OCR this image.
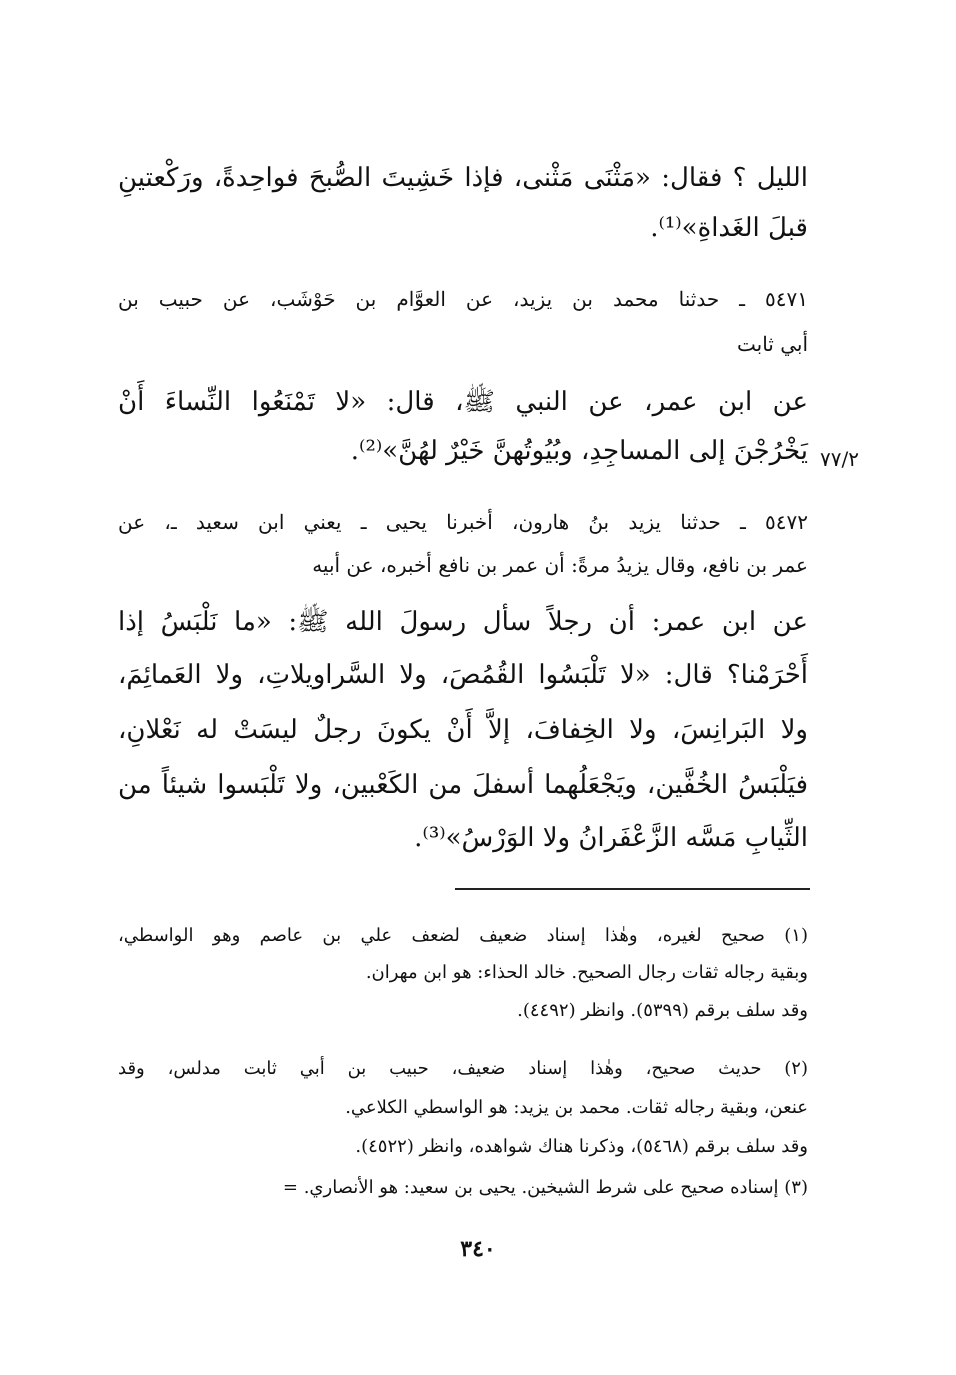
الليل ؟ فقال: «مَثْنَى مَثْنى، فإذا خَشِيتَ الصُّبحَ فواحِدةً، ورَكْعتينِ
قبلَ الغَداةِ»⁽¹⁾.
٥٤٧١ ـ حدثنا محمد بن يزيد، عن العوَّام بن حَوْشَب، عن حبيب بن
أبي ثابت
عن ابن عمر، عن النبي ﷺ، قال: «لا تَمْنَعُوا النِّساءَ أَنْ
يَخْرُجْنَ إلى المساجِدِ، وبُيُوتُهنَّ خَيْرٌ لهُنَّ»⁽²⁾. ٧٧/٢
٥٤٧٢ ـ حدثنا يزيد بنُ هارون، أخبرنا يحيى ـ يعني ابن سعيد ـ، عن
عمر بن نافع، وقال يزيدُ مرةً: أن عمر بن نافع أخبره، عن أبيه
عن ابن عمر: أن رجلاً سأل رسولَ الله ﷺ: «ما نَلْبَسُ إذا
أَحْرَمْنا؟ قال: «لا تَلْبَسُوا القُمُصَ، ولا السَّراويلاتِ، ولا العَمائِمَ،
ولا البَرانِسَ، ولا الخِفافَ، إلاَّ أَنْ يكونَ رجلٌ ليسَتْ له نَعْلانِ،
فيَلْبَسُ الخُفَّين، ويَجْعَلُهما أسفلَ من الكَعْبين، ولا تَلْبَسوا شيئاً من
الثِّيابِ مَسَّه الزَّعْفَرانُ ولا الوَرْسُ»⁽³⁾.
(١) صحيح لغيره، وهٰذا إسناد ضعيف لضعف علي بن عاصم وهو الواسطي،
وبقية رجاله ثقات رجال الصحيح. خالد الحذاء: هو ابن مهران.
وقد سلف برقم (٥٣٩٩). وانظر (٤٤٩٢).
(٢) حديث صحيح، وهٰذا إسناد ضعيف، حبيب بن أبي ثابت مدلس، وقد
عنعن، وبقية رجاله ثقات. محمد بن يزيد: هو الواسطي الكلاعي.
وقد سلف برقم (٥٤٦٨)، وذكرنا هناك شواهده، وانظر (٤٥٢٢).
(٣) إسناده صحيح على شرط الشيخين. يحيى بن سعيد: هو الأنصاري. =
٣٤٠
